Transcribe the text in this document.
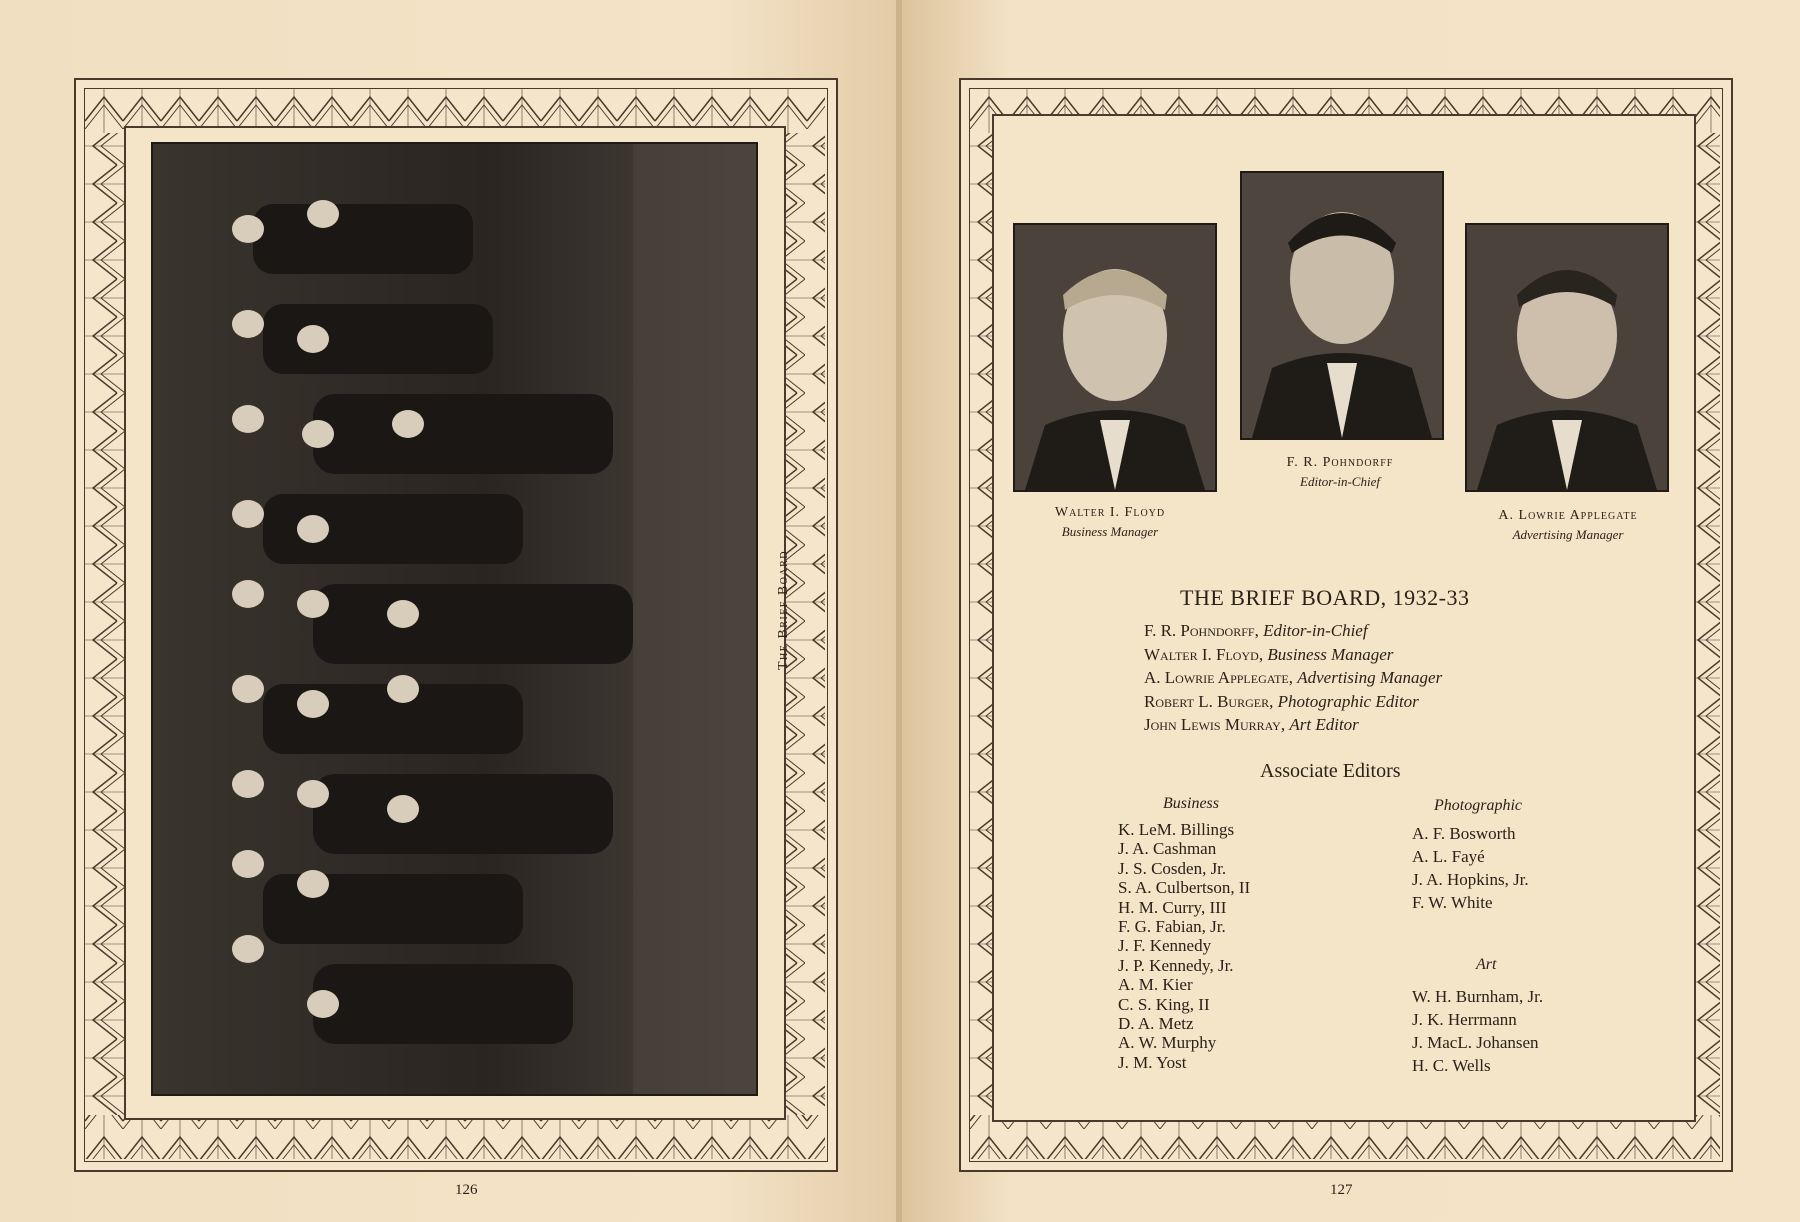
The Brief Board
126
Walter I. Floyd
Business Manager
F. R. Pohndorff
Editor-in-Chief
A. Lowrie Applegate
Advertising Manager
THE BRIEF BOARD, 1932-33
F. R. Pohndorff, Editor-in-Chief
Walter I. Floyd, Business Manager
A. Lowrie Applegate, Advertising Manager
Robert L. Burger, Photographic Editor
John Lewis Murray, Art Editor
Associate Editors
Business
K. LeM. Billings
J. A. Cashman
J. S. Cosden, Jr.
S. A. Culbertson, II
H. M. Curry, III
F. G. Fabian, Jr.
J. F. Kennedy
J. P. Kennedy, Jr.
A. M. Kier
C. S. King, II
D. A. Metz
A. W. Murphy
J. M. Yost
Photographic
A. F. Bosworth
A. L. Fayé
J. A. Hopkins, Jr.
F. W. White
Art
W. H. Burnham, Jr.
J. K. Herrmann
J. MacL. Johansen
H. C. Wells
127
